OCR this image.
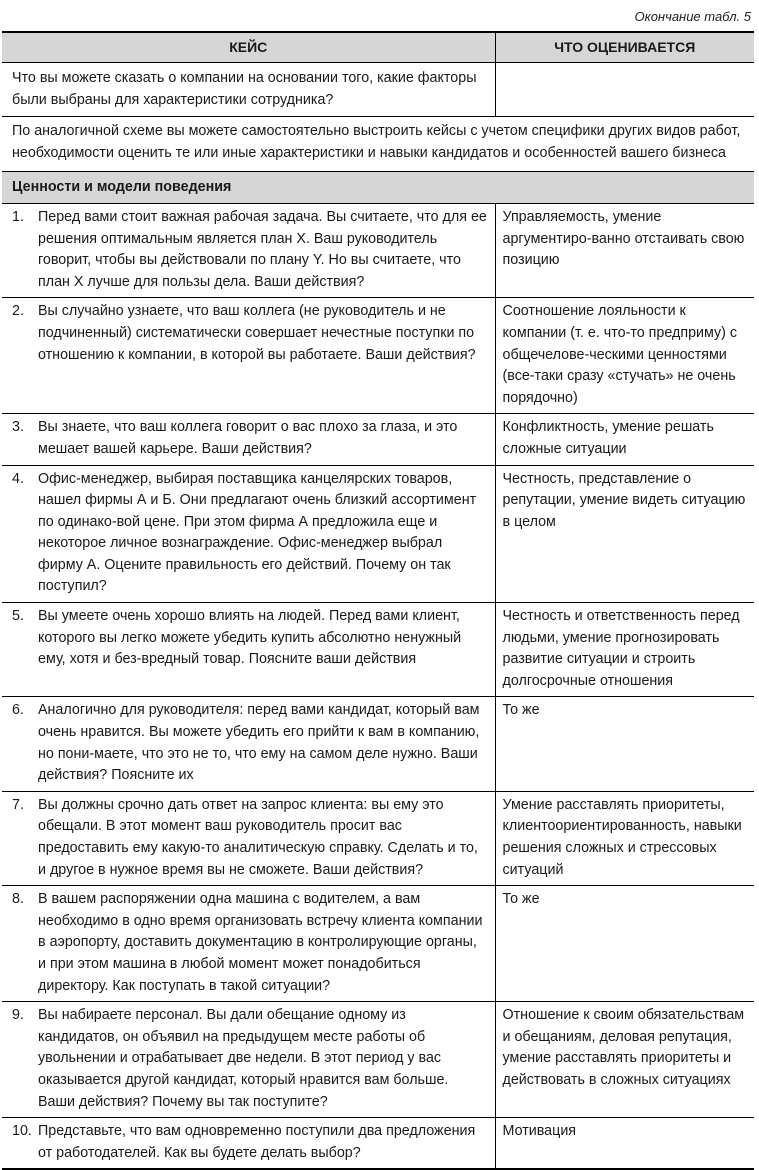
Окончание табл. 5
КЕЙС	ЧТО ОЦЕНИВАЕТСЯ
Что вы можете сказать о компании на основании того, какие факторы были выбраны для характеристики сотрудника?	
По аналогичной схеме вы можете самостоятельно выстроить кейсы с учетом специфики других видов работ, необходимости оценить те или иные характеристики и навыки кандидатов и особенностей вашего бизнеса	
Ценности и модели поведения	

1. Перед вами стоит важная рабочая задача. Вы считаете, что для ее решения оптимальным является план X. Ваш руководитель говорит, чтобы вы действовали по плану Y. Но вы считаете, что план X лучше для пользы дела. Ваши действия?	Управляемость, умение аргументиро-ванно отстаивать свою позицию

2. Вы случайно узнаете, что ваш коллега (не руководитель и не подчиненный) систематически совершает нечестные поступки по отношению к компании, в которой вы работаете. Ваши действия?	Соотношение лояльности к компании (т. е. что-то предприму) с общечелове-ческими ценностями (все-таки сразу «стучать» не очень порядочно)

3. Вы знаете, что ваш коллега говорит о вас плохо за глаза, и это мешает вашей карьере. Ваши действия?	Конфликтность, умение решать сложные ситуации

4. Офис-менеджер, выбирая поставщика канцелярских товаров, нашел фирмы А и Б. Они предлагают очень близкий ассортимент по одинако-вой цене. При этом фирма А предложила еще и некоторое личное вознаграждение. Офис-менеджер выбрал фирму А. Оцените правильность его действий. Почему он так поступил?	Честность, представление о репутации, умение видеть ситуацию в целом

5. Вы умеете очень хорошо влиять на людей. Перед вами клиент, которого вы легко можете убедить купить абсолютно ненужный ему, хотя и без-вредный товар. Поясните ваши действия	Честность и ответственность перед людьми, умение прогнозировать развитие ситуации и строить долгосрочные отношения

6. Аналогично для руководителя: перед вами кандидат, который вам очень нравится. Вы можете убедить его прийти к вам в компанию, но пони-маете, что это не то, что ему на самом деле нужно. Ваши действия? Поясните их	То же

7. Вы должны срочно дать ответ на запрос клиента: вы ему это обещали. В этот момент ваш руководитель просит вас предоставить ему какую-то аналитическую справку. Сделать и то, и другое в нужное время вы не сможете. Ваши действия?	Умение расставлять приоритеты, клиентоориентированность, навыки решения сложных и стрессовых ситуаций

8. В вашем распоряжении одна машина с водителем, а вам необходимо в одно время организовать встречу клиента компании в аэропорту, доставить документацию в контролирующие органы, и при этом машина в любой момент может понадобиться директору. Как поступать в такой ситуации?	То же

9. Вы набираете персонал. Вы дали обещание одному из кандидатов, он объявил на предыдущем месте работы об увольнении и отрабатывает две недели. В этот период у вас оказывается другой кандидат, который нравится вам больше. Ваши действия? Почему вы так поступите?	Отношение к своим обязательствам и обещаниям, деловая репутация, умение расставлять приоритеты и действовать в сложных ситуациях

10. Представьте, что вам одновременно поступили два предложения от работодателей. Как вы будете делать выбор?	Мотивация
